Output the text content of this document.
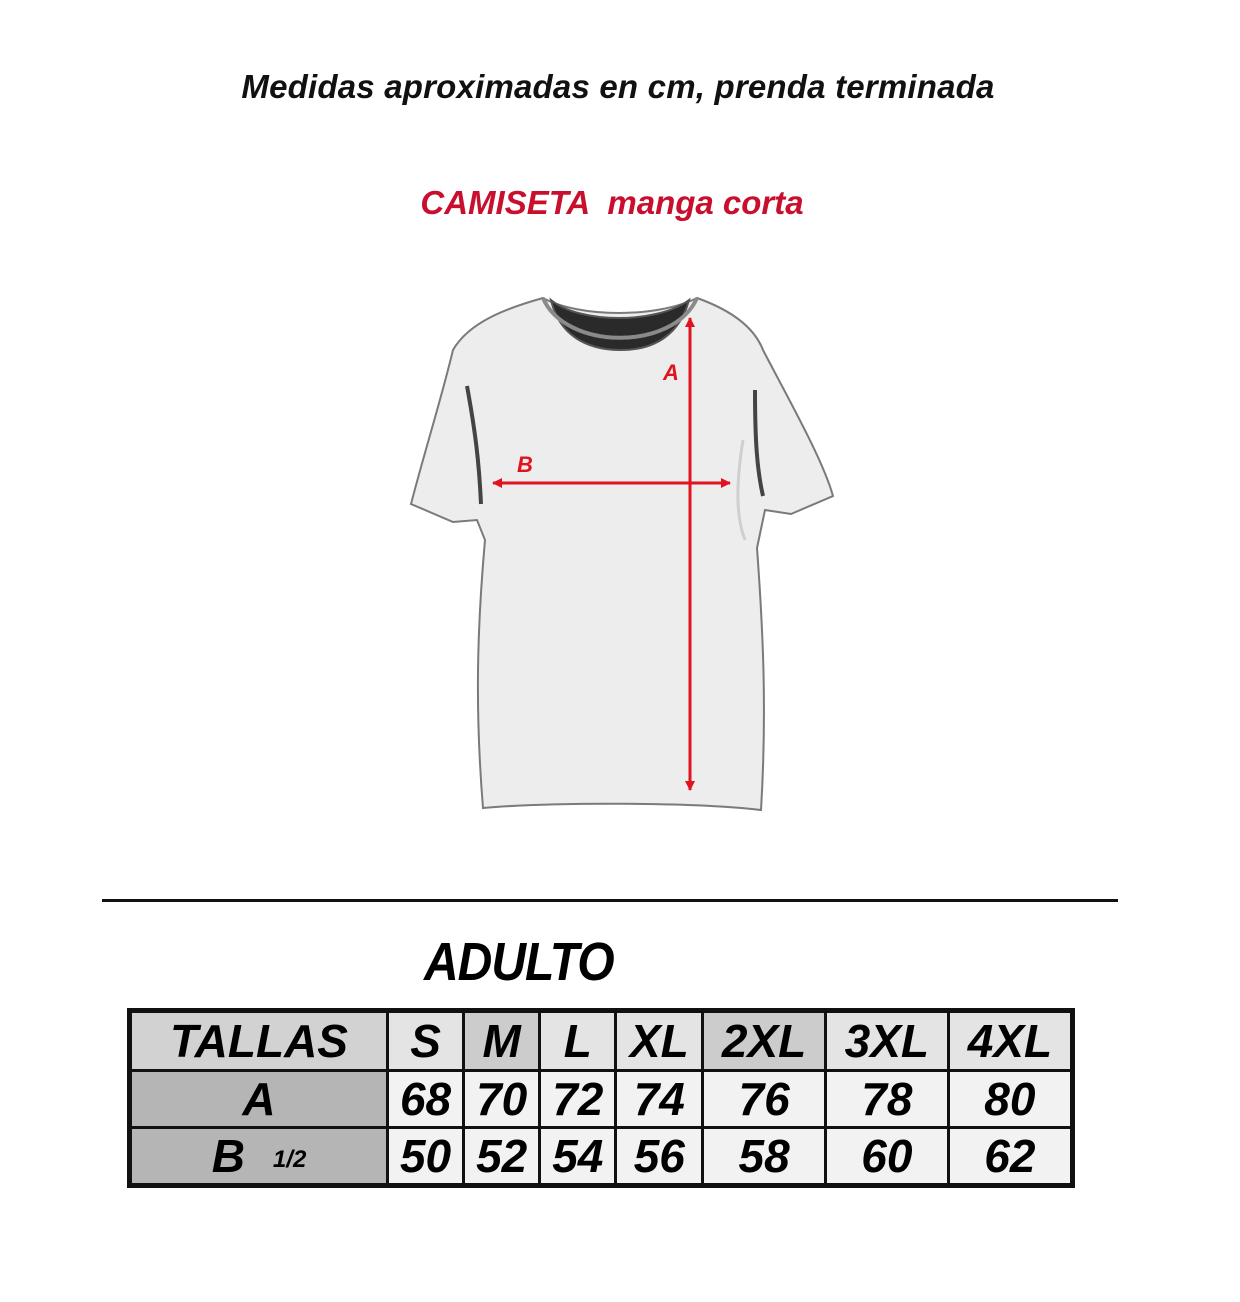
Medidas aproximadas en cm, prenda terminada
CAMISETA  manga corta
A
B
ADULTO
TALLAS	S	M	L	XL	2XL	3XL	4XL
A	68	70	72	74	76	78	80
B 1/2	50	52	54	56	58	60	62
